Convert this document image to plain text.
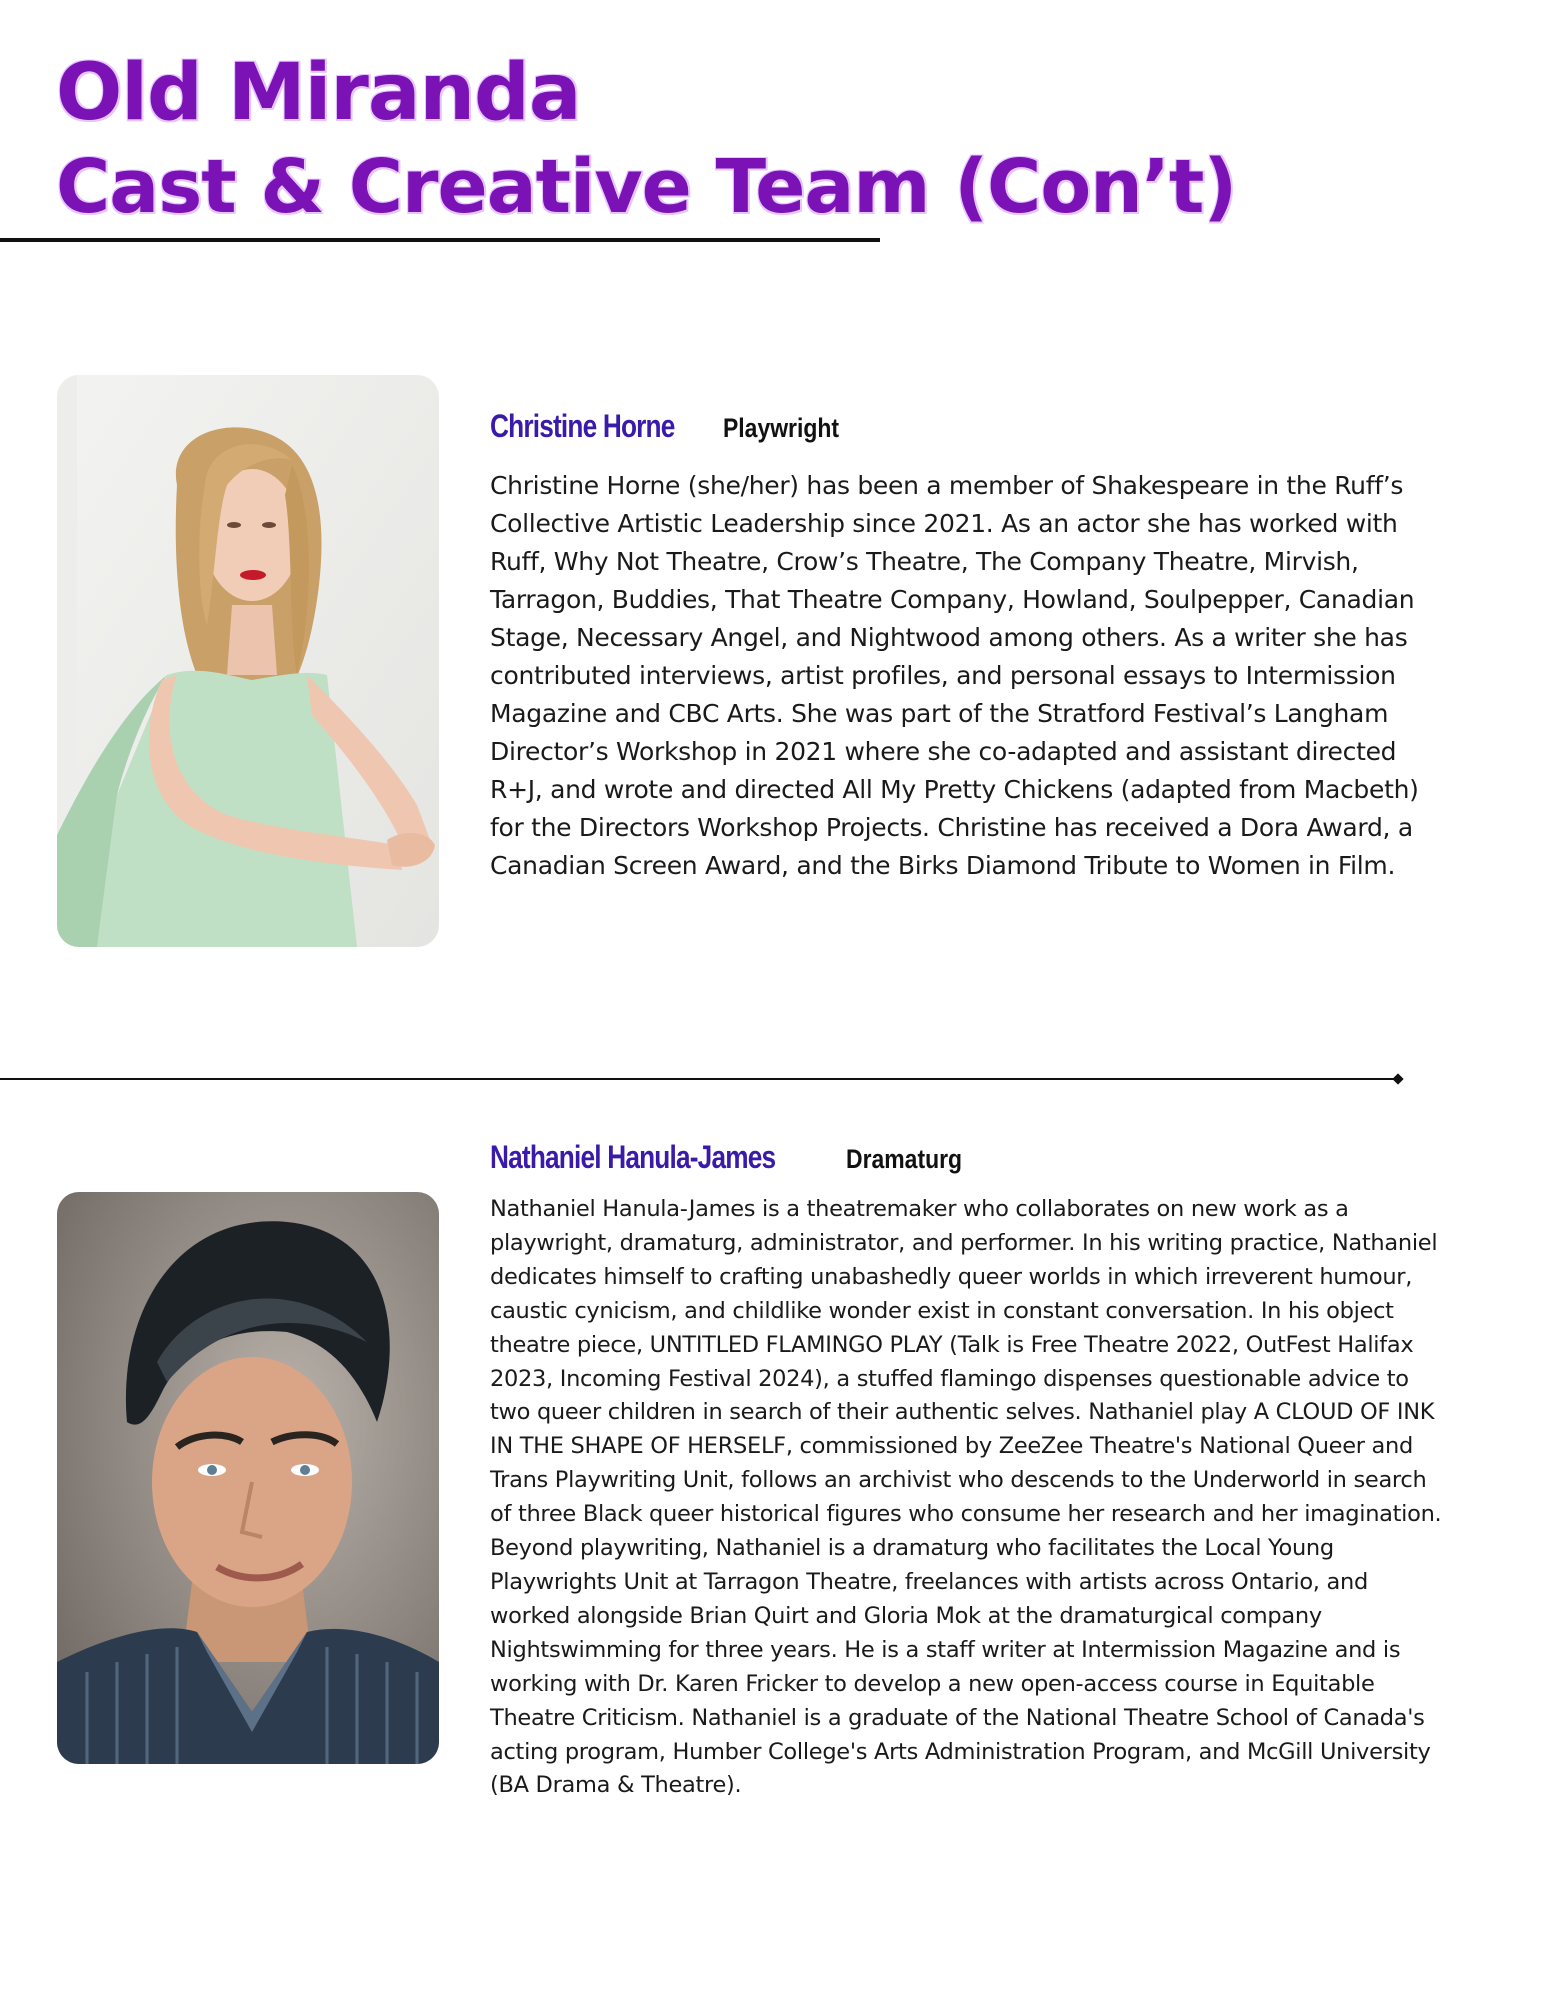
Old Miranda
Cast & Creative Team (Con’t)
Christine Horne Playwright

Christine Horne (she/her) has been a member of Shakespeare in the Ruff’s Collective Artistic Leadership since 2021. As an actor she has worked with Ruff, Why Not Theatre, Crow’s Theatre, The Company Theatre, Mirvish, Tarragon, Buddies, That Theatre Company, Howland, Soulpepper, Canadian Stage, Necessary Angel, and Nightwood among others. As a writer she has contributed interviews, artist profiles, and personal essays to Intermission Magazine and CBC Arts. She was part of the Stratford Festival’s Langham Director’s Workshop in 2021 where she co-adapted and assistant directed R+J, and wrote and directed All My Pretty Chickens (adapted from Macbeth) for the Directors Workshop Projects. Christine has received a Dora Award, a Canadian Screen Award, and the Birks Diamond Tribute to Women in Film.

Nathaniel Hanula-James	Dramaturg

Nathaniel Hanula-James is a theatremaker who collaborates on new work as a playwright, dramaturg, administrator, and performer. In his writing practice, Nathaniel dedicates himself to crafting unabashedly queer worlds in which irreverent humour, caustic cynicism, and childlike wonder exist in constant conversation. In his object theatre piece, UNTITLED FLAMINGO PLAY (Talk is Free Theatre 2022, OutFest Halifax 2023, Incoming Festival 2024), a stuffed flamingo dispenses questionable advice to two queer children in search of their authentic selves. Nathaniel play A CLOUD OF INK IN THE SHAPE OF HERSELF, commissioned by ZeeZee Theatre's National Queer and Trans Playwriting Unit, follows an archivist who descends to the Underworld in search of three Black queer historical figures who consume her research and her imagination. Beyond playwriting, Nathaniel is a dramaturg who facilitates the Local Young Playwrights Unit at Tarragon Theatre, freelances with artists across Ontario, and worked alongside Brian Quirt and Gloria Mok at the dramaturgical company Nightswimming for three years. He is a staff writer at Intermission Magazine and is working with Dr. Karen Fricker to develop a new open-access course in Equitable Theatre Criticism. Nathaniel is a graduate of the National Theatre School of Canada's acting program, Humber College's Arts Administration Program, and McGill University (BA Drama & Theatre).
